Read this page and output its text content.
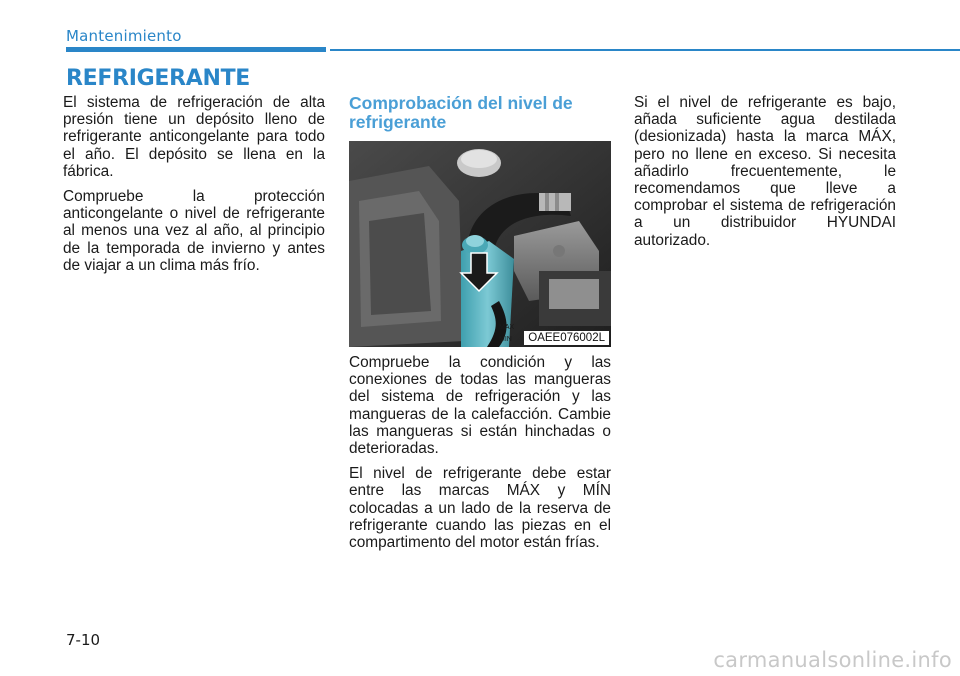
Mantenimiento
REFRIGERANTE

El sistema de refrigeración de alta presión tiene un depósito lleno de refrigerante anticongelante para todo el año. El depósito se llena en la fábrica.

Compruebe la protección anticongelante o nivel de refrigerante al menos una vez al año, al principio de la temporada de invierno y antes de viajar a un clima más frío.

Comprobación del nivel de refrigerante
MAX
MIN	OAEE076002L

Compruebe la condición y las conexiones de todas las mangueras del sistema de refrigeración y las mangueras de la calefacción. Cambie las mangueras si están hinchadas o deterioradas.

El nivel de refrigerante debe estar entre las marcas MÁX y MÍN colocadas a un lado de la reserva de refrigerante cuando las piezas en el compartimento del motor están frías.

Si el nivel de refrigerante es bajo, añada suficiente agua destilada (desionizada) hasta la marca MÁX, pero no llene en exceso. Si necesita añadirlo frecuentemente, le recomendamos que lleve a comprobar el sistema de refrigeración a un distribuidor HYUNDAI autorizado.

7-10
carmanualsonline.info
